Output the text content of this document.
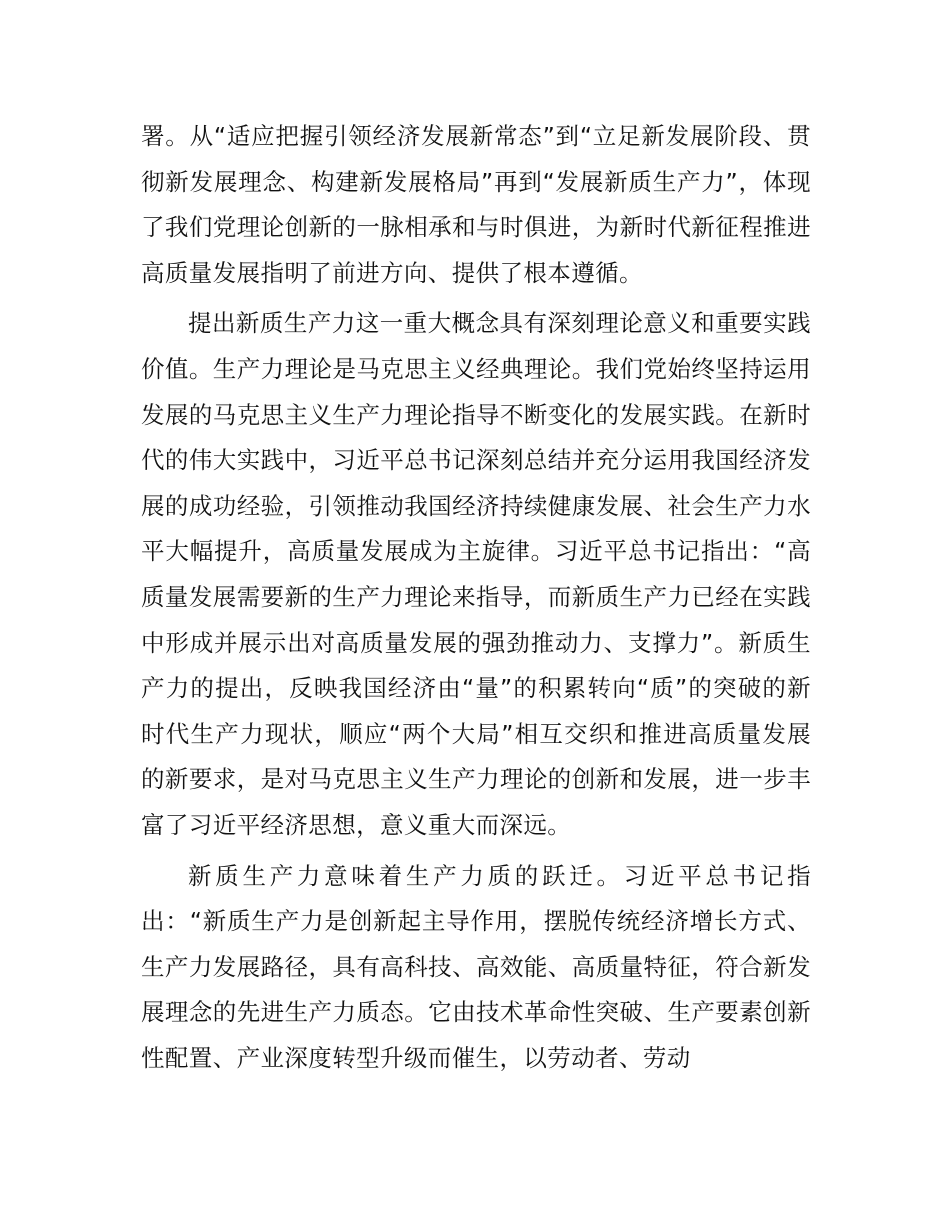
署。从“适应把握引领经济发展新常态”到“立足新发展阶段、贯彻新发展理念、构建新发展格局”再到“发展新质生产力”，体现了我们党理论创新的一脉相承和与时俱进，为新时代新征程推进高质量发展指明了前进方向、提供了根本遵循。

提出新质生产力这一重大概念具有深刻理论意义和重要实践价值。生产力理论是马克思主义经典理论。我们党始终坚持运用发展的马克思主义生产力理论指导不断变化的发展实践。在新时代的伟大实践中，习近平总书记深刻总结并充分运用我国经济发展的成功经验，引领推动我国经济持续健康发展、社会生产力水平大幅提升，高质量发展成为主旋律。习近平总书记指出：“高质量发展需要新的生产力理论来指导，而新质生产力已经在实践中形成并展示出对高质量发展的强劲推动力、支撑力”。新质生产力的提出，反映我国经济由“量”的积累转向“质”的突破的新时代生产力现状，顺应“两个大局”相互交织和推进高质量发展的新要求，是对马克思主义生产力理论的创新和发展，进一步丰富了习近平经济思想，意义重大而深远。

新质生产力意味着生产力质的跃迁。习近平总书记指出：“新质生产力是创新起主导作用，摆脱传统经济增长方式、生产力发展路径，具有高科技、高效能、高质量特征，符合新发展理念的先进生产力质态。它由技术革命性突破、生产要素创新性配置、产业深度转型升级而催生，以劳动者、劳动
